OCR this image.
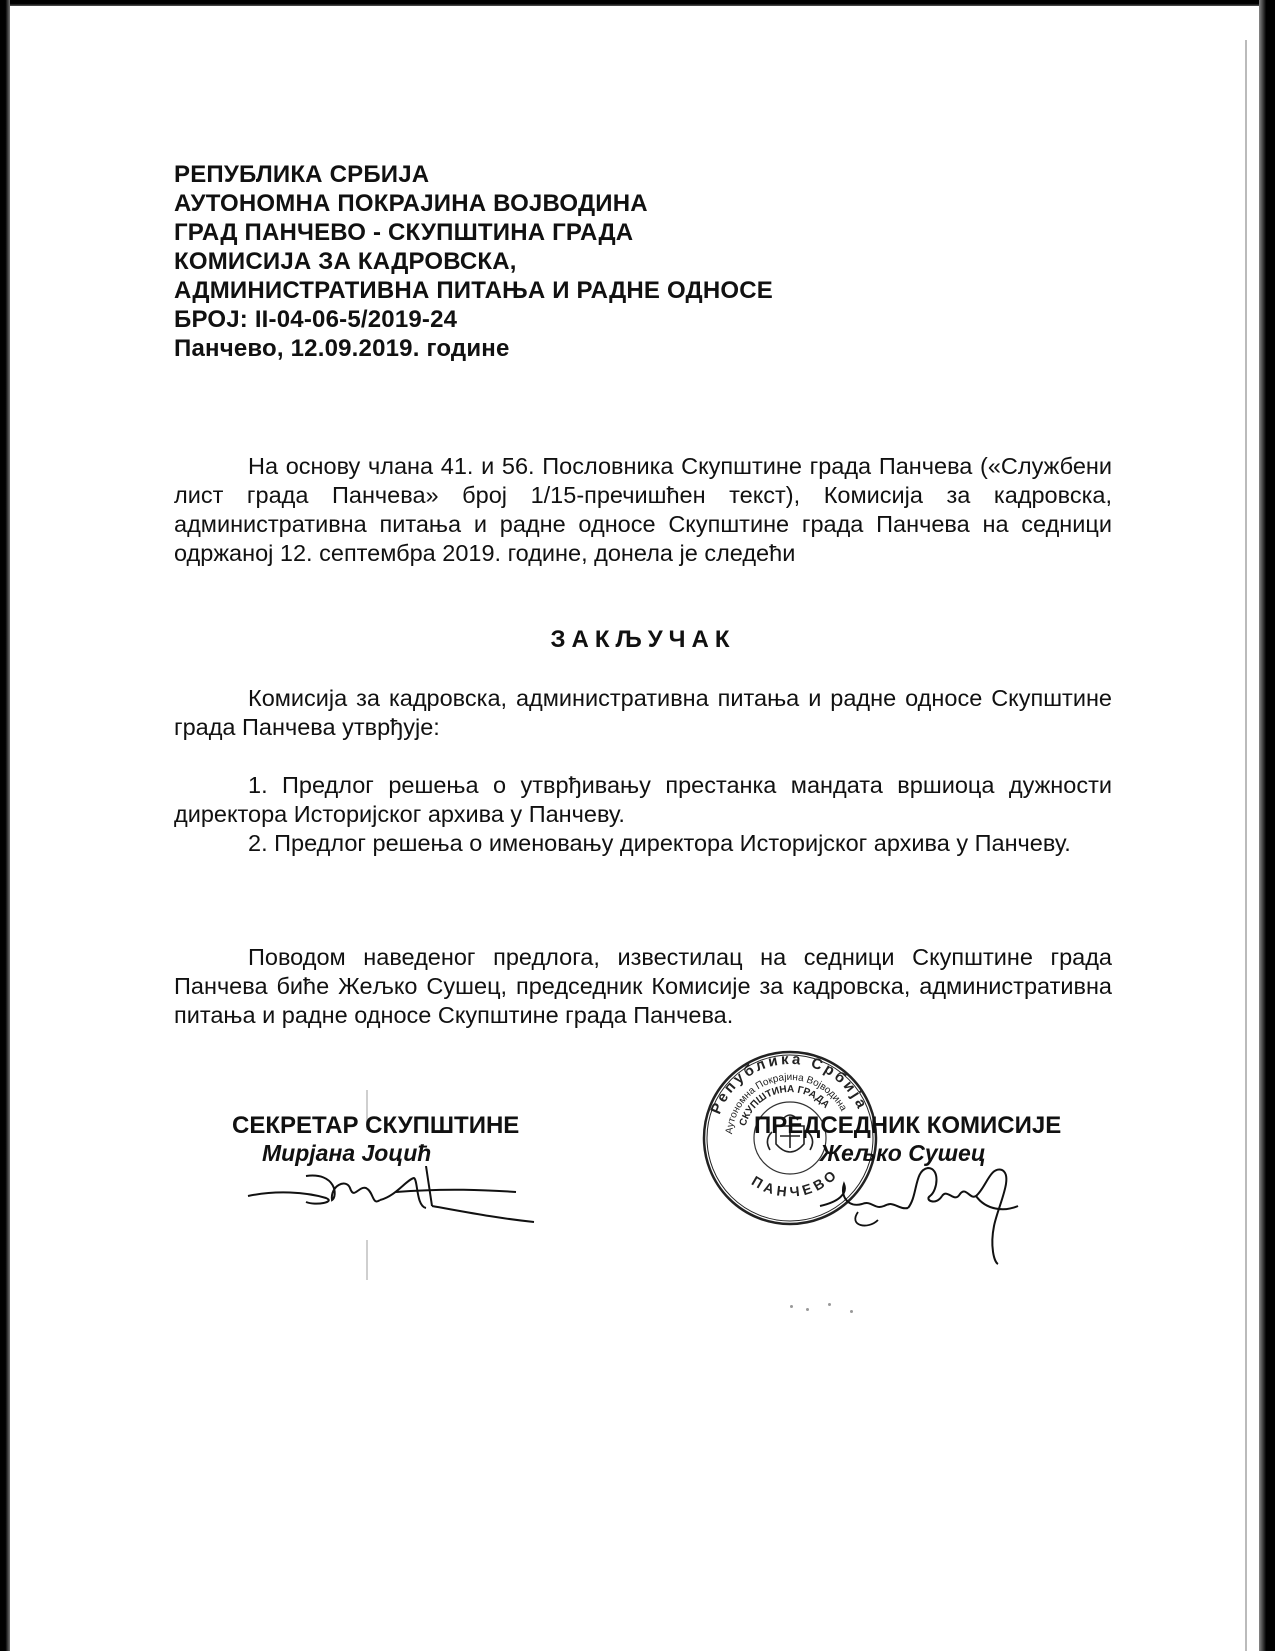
РЕПУБЛИКА СРБИЈА
АУТОНОМНА ПОКРАЈИНА ВОЈВОДИНА
ГРАД ПАНЧЕВО - СКУПШТИНА ГРАДА
КОМИСИЈА ЗА КАДРОВСКА,
АДМИНИСТРАТИВНА ПИТАЊА И РАДНЕ ОДНОСЕ
БРОЈ: II-04-06-5/2019-24
Панчево, 12.09.2019. године
На основу члана 41. и 56. Пословника Скупштине града Панчева («Службени лист града Панчева» број 1/15-пречишћен текст), Комисија за кадровска, административна питања и радне односе Скупштине града Панчева на седници одржаној 12. септембра 2019. године, донела је следећи
ЗАКЉУЧАК
Комисија за кадровска, административна питања и радне односе Скупштине града Панчева утврђује:
1. Предлог решења о утврђивању престанка мандата вршиоца дужности директора Историјског архива у Панчеву.
2. Предлог решења о именовању директора Историјског архива у Панчеву.
Поводом наведеног предлога, известилац на седници Скупштине града Панчева биће Жељко Сушец, председник Комисије за кадровска, административна питања и радне односе Скупштине града Панчева.
Република Србија
Аутономна Покрајина Војводина
СКУПШТИНА ГРАДА
ПАНЧЕВО
СЕКРЕТАР СКУПШТИНЕ
Мирјана Јоцић
ПРЕДСЕДНИК КОМИСИЈЕ
Жељко Сушец
